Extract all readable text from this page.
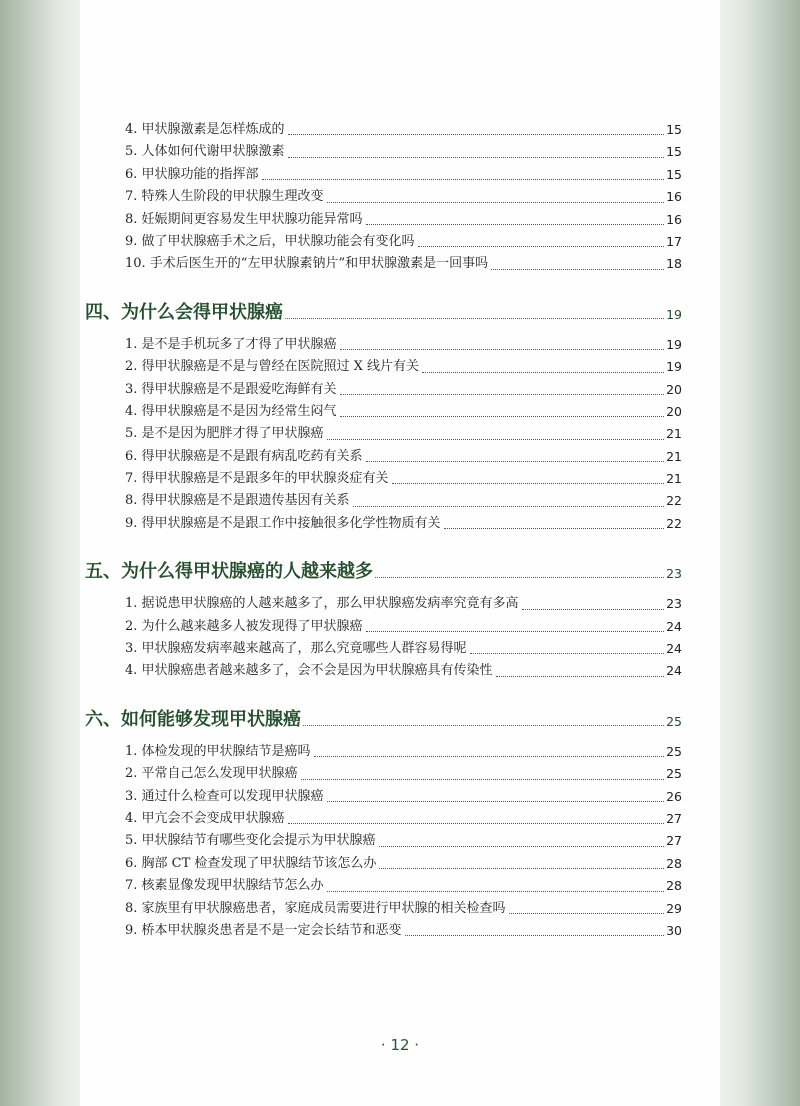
4. 甲状腺激素是怎样炼成的	15
5. 人体如何代谢甲状腺激素	15
6. 甲状腺功能的指挥部	15
7. 特殊人生阶段的甲状腺生理改变	16
8. 妊娠期间更容易发生甲状腺功能异常吗	16
9. 做了甲状腺癌手术之后，甲状腺功能会有变化吗	17
10. 手术后医生开的“左甲状腺素钠片”和甲状腺激素是一回事吗	18
四、为什么会得甲状腺癌	19
1. 是不是手机玩多了才得了甲状腺癌	19
2. 得甲状腺癌是不是与曾经在医院照过 X 线片有关	19
3. 得甲状腺癌是不是跟爱吃海鲜有关	20
4. 得甲状腺癌是不是因为经常生闷气	20
5. 是不是因为肥胖才得了甲状腺癌	21
6. 得甲状腺癌是不是跟有病乱吃药有关系	21
7. 得甲状腺癌是不是跟多年的甲状腺炎症有关	21
8. 得甲状腺癌是不是跟遗传基因有关系	22
9. 得甲状腺癌是不是跟工作中接触很多化学性物质有关	22
五、为什么得甲状腺癌的人越来越多	23
1. 据说患甲状腺癌的人越来越多了，那么甲状腺癌发病率究竟有多高	23
2. 为什么越来越多人被发现得了甲状腺癌	24
3. 甲状腺癌发病率越来越高了，那么究竟哪些人群容易得呢	24
4. 甲状腺癌患者越来越多了，会不会是因为甲状腺癌具有传染性	24
六、如何能够发现甲状腺癌	25
1. 体检发现的甲状腺结节是癌吗	25
2. 平常自己怎么发现甲状腺癌	25
3. 通过什么检查可以发现甲状腺癌	26
4. 甲亢会不会变成甲状腺癌	27
5. 甲状腺结节有哪些变化会提示为甲状腺癌	27
6. 胸部 CT 检查发现了甲状腺结节该怎么办	28
7. 核素显像发现甲状腺结节怎么办	28
8. 家族里有甲状腺癌患者，家庭成员需要进行甲状腺的相关检查吗	29
9. 桥本甲状腺炎患者是不是一定会长结节和恶变	30
· 12 ·
